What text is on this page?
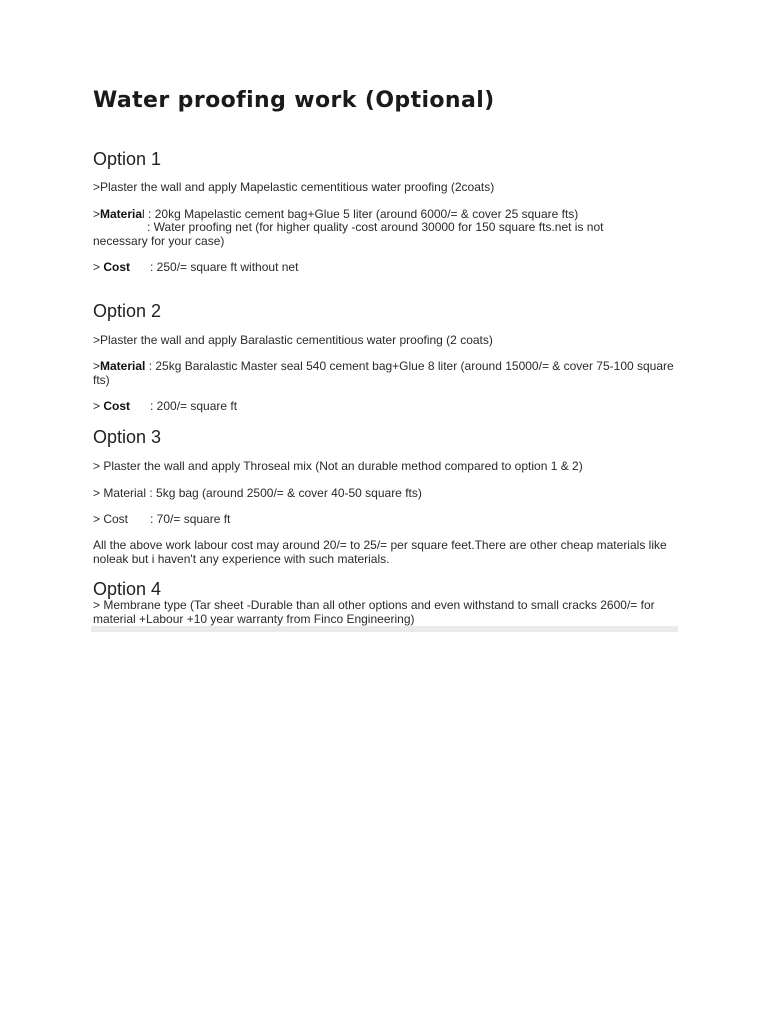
Water proofing work (Optional)
Option 1

>Plaster the wall and apply Mapelastic cementitious water proofing (2coats)

>Material : 20kg Mapelastic cement bag+Glue 5 liter (around 6000/= & cover 25 square fts)

: Water proofing net (for higher quality -cost around 30000 for 150 square fts.net is not

necessary for your case)

> Cost : 250/= square ft without net

Option 2

>Plaster the wall and apply Baralastic cementitious water proofing (2 coats)

>Material : 25kg Baralastic Master seal 540 cement bag+Glue 8 liter (around 15000/= & cover 75-100 square fts)

> Cost : 200/= square ft

Option 3

> Plaster the wall and apply Throseal mix (Not an durable method compared to option 1 & 2)

> Material : 5kg bag (around 2500/= & cover 40-50 square fts)

> Cost : 70/= square ft

All the above work labour cost may around 20/= to 25/= per square feet.There are other cheap materials like noleak but i haven't any experience with such materials.

Option 4

> Membrane type (Tar sheet -Durable than all other options and even withstand to small cracks 2600/= for material +Labour +10 year warranty from Finco Engineering)
